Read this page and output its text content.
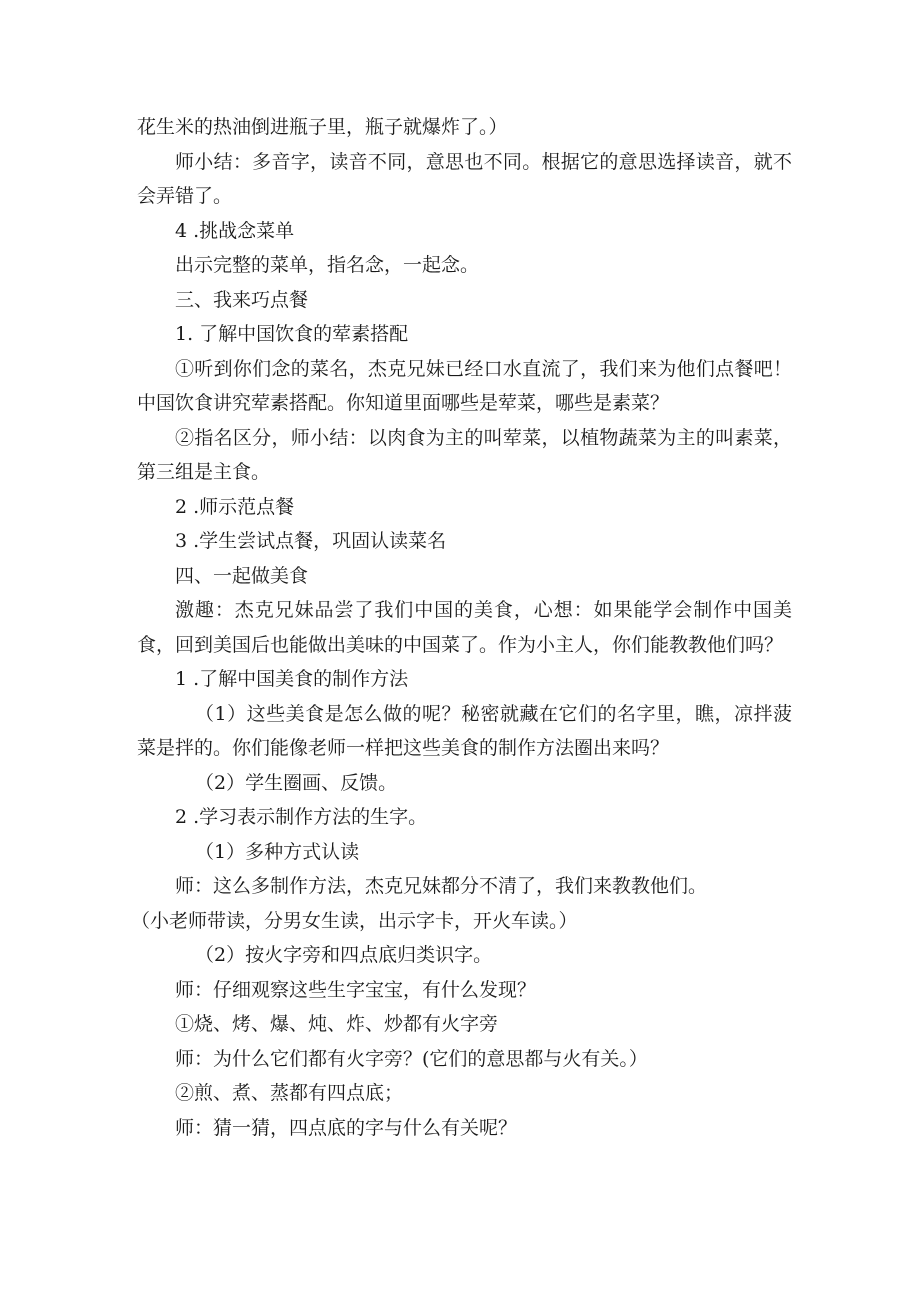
花生米的热油倒进瓶子里，瓶子就爆炸了。）

师小结：多音字，读音不同，意思也不同。根据它的意思选择读音，就不会弄错了。

4 .挑战念菜单

出示完整的菜单，指名念，一起念。

三、我来巧点餐

1. 了解中国饮食的荤素搭配

①听到你们念的菜名，杰克兄妹已经口水直流了，我们来为他们点餐吧！中国饮食讲究荤素搭配。你知道里面哪些是荤菜，哪些是素菜？

②指名区分，师小结：以肉食为主的叫荤菜，以植物蔬菜为主的叫素菜，第三组是主食。

2 .师示范点餐

3 .学生尝试点餐，巩固认读菜名

四、一起做美食

激趣：杰克兄妹品尝了我们中国的美食，心想：如果能学会制作中国美食，回到美国后也能做出美味的中国菜了。作为小主人，你们能教教他们吗？

1 .了解中国美食的制作方法

（1）这些美食是怎么做的呢？秘密就藏在它们的名字里，瞧，凉拌菠菜是拌的。你们能像老师一样把这些美食的制作方法圈出来吗？

（2）学生圈画、反馈。

2 .学习表示制作方法的生字。

（1）多种方式认读

师：这么多制作方法，杰克兄妹都分不清了，我们来教教他们。

（小老师带读，分男女生读，出示字卡，开火车读。）

（2）按火字旁和四点底归类识字。

师：仔细观察这些生字宝宝，有什么发现？

①烧、烤、爆、炖、炸、炒都有火字旁

师：为什么它们都有火字旁？(它们的意思都与火有关。）

②煎、煮、蒸都有四点底；

师：猜一猜，四点底的字与什么有关呢？
